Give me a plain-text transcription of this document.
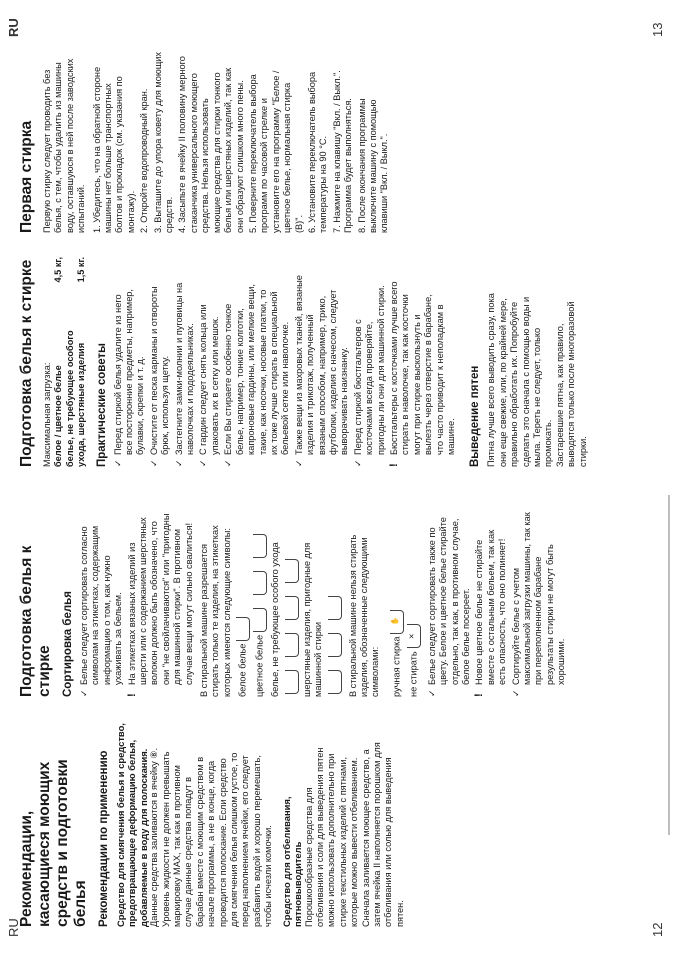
RU
RU
12
13
Рекомендации, касающиеся моющих средств и подготовки белья Рекомендации по применению Средство для смягчения белья и средство, предотвращающее деформацию белья, добавляемые в воду для полоскания. Данные средства заливаются в ячейку ⑧. Уровень жидкости не должен превышать маркировку MAX, так как в противном случае данные средства попадут в барабан вместе с моющим средством в начале программы, а не в конце, когда проводится полоскание. Если средство для смягчения белья слишком густое, то перед наполнением ячейки, его следует разбавить водой и хорошо перемешать, чтобы исчезли комочки. Средство для отбеливания, пятновыводитель Порошкообразные средства для отбеливания и соли для выведения пятен можно использовать дополнительно при стирке текстильных изделий с пятнами, которые можно вывести отбеливанием. Сначала заливается моющее средство, а затем ячейка II наполняется порошком для отбеливания или солью для выведения пятен.
Подготовка белья к стирке Сортировка белья ✓
Белье следует сортировать согласно символам на этикетках, содержащим информацию о том, как нужно ухаживать за бельем.
!
На этикетках вязаных изделий из шерсти или с содержанием шерстяных волокон должно быть обозначено, что они "не свойлачиваются" или "пригодны для машинной стирки". В противном случае вещи могут сильно свалиться! В стиральной машине разрешается стирать только те изделия, на этикетках которых имеются следующие символы: белое белье цветное белье белье, не требующее особого ухода шерстяные изделия, пригодные для машинной стирки	В стиральной машине нельзя стирать изделия, обозначенные следующими символами: ручная стирка✋
не стирать✕
✓
Белье следует сортировать также по цвету. Белое и цветное белье стирайте отдельно, так как, в противном случае, белое белье посереет.
!
Новое цветное белье не стирайте вместе с остальным бельем, так как есть опасность, что оно полиняет!
✓
Сортируйте белье с учетом максимальной загрузки машины, так как при переполненном барабане результаты стирки не могут быть хорошими.
Подготовка белья к стирке Максимальная загрузка: белое / цветное белье
4,5 кг,
белье, не требующее особого ухода, шерстяные изделия
1,5 кг.
Практические советы ✓
Перед стиркой белья удалите из него все посторонние предметы, например, булавки, скрепки и т. д.
✓
Очистите от песка карманы и отвороты брюк, используя щетку.
✓
Застегните замки-молнии и пуговицы на наволочках и пододеяльниках.
✓
С гардин следует снять кольца или упаковать их в сетку или мешок.
✓
Если Вы стираете особенно тонкое белье, например, тонкие колготки, капроновые гардины, или мелкие вещи, такие, как носочки, носовые платки, то их тоже лучше стирать в специальной бельевой сетке или наволочке.
✓
Также вещи из махровых тканей, вязаные изделия и трикотаж, полученный вязаным способом, например, трико, футболки, изделия с начесом, следует выворачивать наизнанку.
✓
Перед стиркой бюстгальтеров с косточками всегда проверяйте, пригодны ли они для машинной стирки.
!
Бюстгальтеры с косточками лучше всего стирать в наволочке, так как косточки могут при стирке выскользнуть и вылезть через отверстие в барабане, что часто приводит к неполадкам в машине. Выведение пятен Пятна лучше всего выводить сразу, пока они еще свежие, или, по крайней мере, правильно обработать их. Попробуйте сделать это сначала с помощью воды и мыла. Тереть не следует, только промокать. Застаревшие пятна, как правило, выводятся только после многоразовой стирки.
Первая стирка Первую стирку следует проводить без белья, с тем, чтобы удалить из машины воду, оставшуюся в ней после заводских испытаний. 1. Убедитесь, что на обратной стороне машины нет больше транспортных болтов и прокладок (см. указания по монтажу). 2. Откройте водопроводный кран. 3. Выташите до упора ковету для моющих средств. 4. Засыпьте в ячейку II половину мерного стаканчика универсального моющего средства. Нельзя использовать моющие средства для стирки тонкого белья или шерстяных изделий, так как они образуют слишком много пены. 5. Поверните переключатель выбора программ по часовой стрелке и установите его на программу "Белое / цветное белье, нормальная стирка (В)". 6. Установите переключатель выбора температуры на 90 °С. 7. Нажмите на клавишу "Вкл. / Выкл.". Программа будет выполняться. 8. После окончания программы выключите машину с помощью клавиши "Вкл. / Выкл.".
